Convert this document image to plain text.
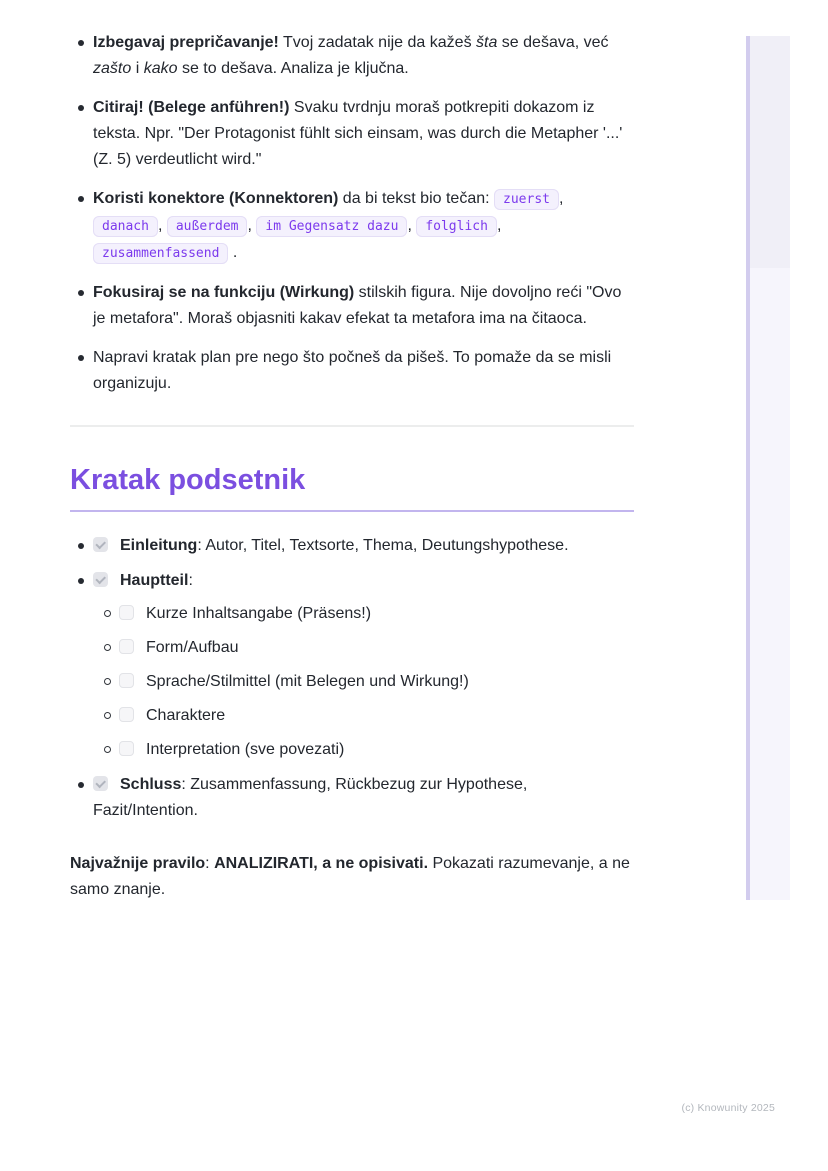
Izbegavaj prepričavanje! Tvoj zadatak nije da kažeš šta se dešava, već zašto i kako se to dešava. Analiza je ključna.
Citiraj! (Belege anführen!) Svaku tvrdnju moraš potkrepiti dokazom iz teksta. Npr. "Der Protagonist fühlt sich einsam, was durch die Metapher '...' (Z. 5) verdeutlicht wird."
Koristi konektore (Konnektoren) da bi tekst bio tečan: zuerst , danach , außerdem , im Gegensatz dazu , folglich , zusammenfassend .
Fokusiraj se na funkciju (Wirkung) stilskih figura. Nije dovoljno reći "Ovo je metafora". Moraš objasniti kakav efekat ta metafora ima na čitaoca.
Napravi kratak plan pre nego što počneš da pišeš. To pomaže da se misli organizuju.
Kratak podsetnik
Einleitung: Autor, Titel, Textsorte, Thema, Deutungshypothese.
Hauptteil:
Kurze Inhaltsangabe (Präsens!)
Form/Aufbau
Sprache/Stilmittel (mit Belegen und Wirkung!)
Charaktere
Interpretation (sve povezati)
Schluss: Zusammenfassung, Rückbezug zur Hypothese, Fazit/Intention.

Najvažnije pravilo: ANALIZIRATI, a ne opisivati. Pokazati razumevanje, a ne samo znanje.

(c) Knowunity 2025
